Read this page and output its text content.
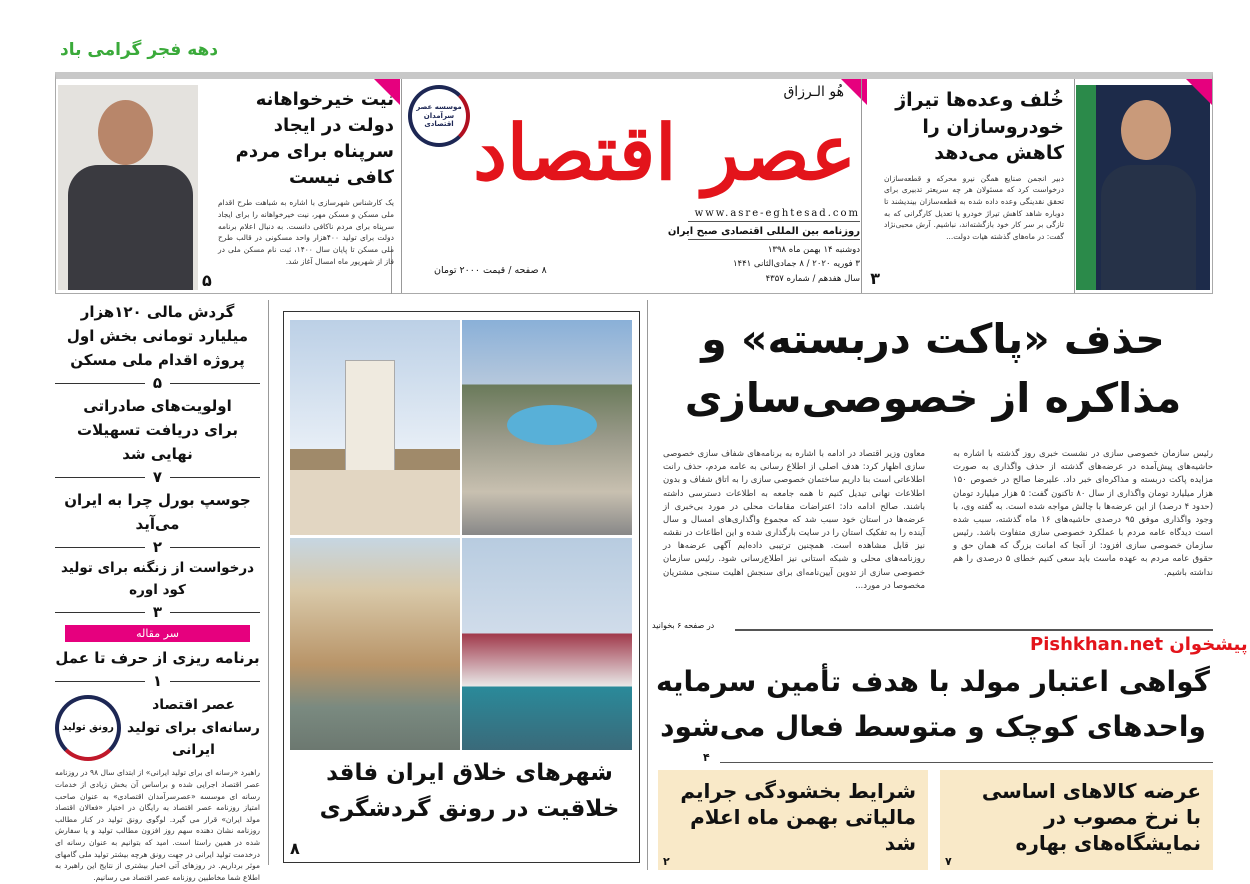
دهه فجر گرامی باد
خُلف وعده‌ها تیراژ خودروسازان را کاهش می‌دهد
دبیر انجمن صنایع همگن نیرو محرکه و قطعه‌سازان درخواست کرد که مسئولان هر چه سریعتر تدبیری برای تحقق نقدینگی وعده داده شده به قطعه‌سازان بیندیشند تا دوباره شاهد کاهش تیراژ خودرو یا تعدیل کارگرانی که به تازگی بر سر کار خود بازگشته‌اند، نباشیم. آرش محبی‌نژاد گفت: در ماه‌های گذشته هیات دولت...
۳
هُو الـرزاق
عصر اقتصاد
www.asre-eghtesad.com
روزنامه بین المللی اقتصادی صبح ایران
دوشنبه ۱۴ بهمن ماه ۱۳۹۸
۳ فوریه ۲۰۲۰ / ۸ جمادی‌الثانی ۱۴۴۱
سال هفدهم / شماره ۴۳۵۷
۸ صفحه / قیمت ۲۰۰۰ تومان
موسسه عصر سرآمدان اقتصادی
نیت خیرخواهانه دولت در ایجاد سرپناه برای مردم کافی نیست
یک کارشناس شهرسازی با اشاره به شباهت طرح اقدام ملی مسکن و مسکن مهر، نیت خیرخواهانه را برای ایجاد سرپناه برای مردم ناکافی دانست. به دنبال اعلام برنامه دولت برای تولید ۴۰۰هزار واحد مسکونی در قالب طرح ملی مسکن تا پایان سال ۱۴۰۰، ثبت نام مسکن ملی در فاز از شهریور ماه امسال آغاز شد.
۵
حذف «پاکت دربسته» و مذاکره از خصوصی‌سازی
رئیس سازمان خصوصی سازی در نشست خبری روز گذشته با اشاره به حاشیه‌های پیش‌آمده در عرضه‌های گذشته از حذف واگذاری به صورت مزایده پاکت دربسته و مذاکره‌ای خبر داد. علیرضا صالح در خصوص ۱۵۰ هزار میلیارد تومان واگذاری از سال ۸۰ تاکنون گفت: ۵ هزار میلیارد تومان (حدود ۴ درصد) از این عرضه‌ها با چالش مواجه شده است. به گفته وی، با وجود واگذاری موفق ۹۵ درصدی حاشیه‌های ۱۶ ماه گذشته، سبب شده است دیدگاه عامه مردم با عملکرد خصوصی سازی متفاوت باشد. رئیس سازمان خصوصی سازی افزود: از آنجا که امانت بزرگ که همان حق و حقوق عامه مردم به عهده ماست باید سعی کنیم خطای ۵ درصدی را هم نداشته باشیم.
معاون وزیر اقتصاد در ادامه با اشاره به برنامه‌های شفاف سازی خصوصی سازی اظهار کرد: هدف اصلی از اطلاع رسانی به عامه مردم، حذف رانت اطلاعاتی است بنا داریم ساختمان خصوصی سازی را به اتاق شفاف و بدون اطلاعات نهانی تبدیل کنیم تا همه جامعه به اطلاعات دسترسی داشته باشند. صالح ادامه داد: اعتراضات مقامات محلی در مورد بی‌خبری از عرضه‌ها در استان خود سبب شد که مجموع واگذاری‌های امسال و سال آینده را به تفکیک استان را در سایت بارگذاری شده و این اطاعات در نقشه نیز قابل مشاهده است. همچنین ترتیبی داده‌ایم آگهی عرضه‌ها در روزنامه‌های محلی و شبکه استانی نیز اطلاع‌رسانی شود. رئیس سازمان خصوصی سازی از تدوین آیین‌نامه‌ای برای سنجش اهلیت سنجی مشتریان مخصوصا در مورد...
در صفحه ۶ بخوانید
پیشخوان Pishkhan.net
گواهی اعتبار مولد با هدف تأمین سرمایه واحدهای کوچک و متوسط فعال می‌شود
۴
عرضه کالاهای اساسی با نرخ مصوب در نمایشگاه‌های بهاره
۷
شرایط بخشودگی جرایم مالیاتی بهمن ماه اعلام شد
۲
شهرهای خلاق ایران فاقد خلاقیت در رونق گردشگری
۸
گردش مالی ۱۲۰هزار میلیارد تومانی بخش اول پروژه اقدام ملی مسکن
۵
اولویت‌های صادراتی برای دریافت تسهیلات نهایی شد
۷
جوسپ بورل چرا به ایران می‌آید
۲
درخواست از زنگنه برای تولید کود اوره
۳
سر مقاله
برنامه ریزی از حرف تا عمل
۱
عصر اقتصاد رسانه‌ای برای تولید ایرانی
رونق تولید
راهبرد «رسانه ای برای تولید ایرانی» از ابتدای سال ۹۸ در روزنامه عصر اقتصاد اجرایی شده و براساس آن بخش زیادی از خدمات رسانه ای موسسه «عصرسرآمدان اقتصادی» به عنوان صاحب امتیاز روزنامه عصر اقتصاد به رایگان در اختیار «فعالان اقتصاد مولد ایران» قرار می گیرد. لوگوی رونق تولید در کنار مطالب روزنامه نشان دهنده سهم روز افزون مطالب تولید و یا سفارش شده در همین راستا است. امید که بتوانیم به عنوان رسانه ای درخدمت تولید ایرانی در جهت رونق هرچه بیشتر تولید ملی گامهای موثر برداریم. در روزهای آتی اخبار بیشتری از نتایج این راهبرد به اطلاع شما مخاطبین روزنامه عصر اقتصاد می رسانیم.
